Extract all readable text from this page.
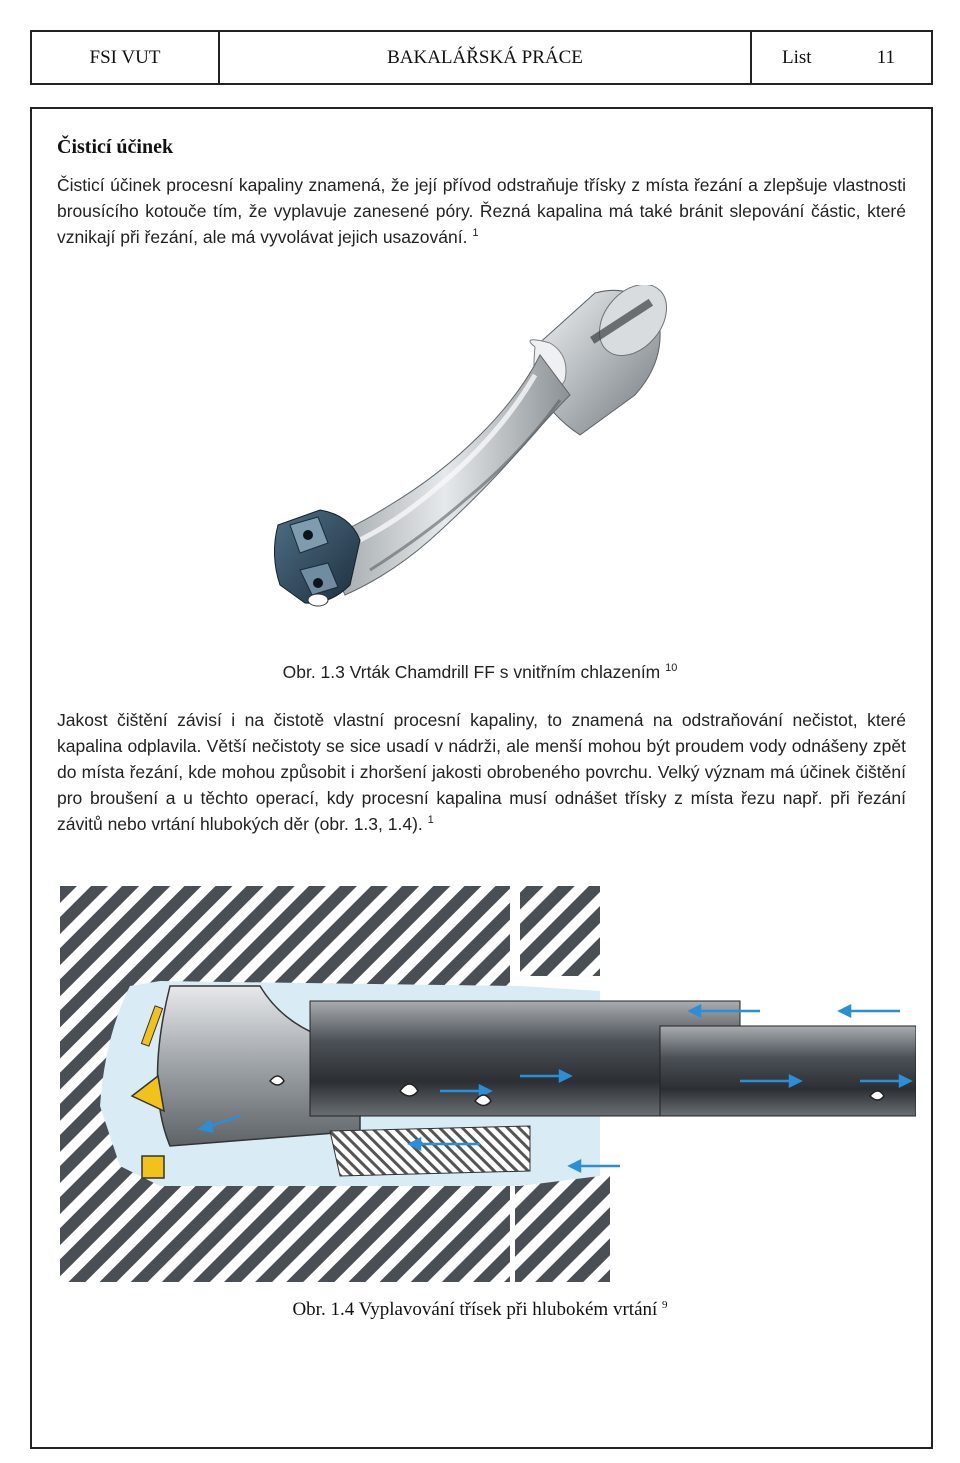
FSI VUT	BAKALÁŘSKÁ PRÁCE	List	11
Čisticí účinek

Čisticí účinek procesní kapaliny znamená, že její přívod odstraňuje třísky z místa řezání a zlepšuje vlastnosti brousícího kotouče tím, že vyplavuje zanesené póry. Řezná kapalina má také bránit slepování částic, které vznikají při řezání, ale má vyvolávat jejich usazování. $^1$

Obr. 1.3 Vrták Chamdrill FF s vnitřním chlazením $^{10}$

Jakost čištění závisí i na čistotě vlastní procesní kapaliny, to znamená na odstraňování nečistot, které kapalina odplavila. Větší nečistoty se sice usadí v nádrži, ale menší mohou být proudem vody odnášeny zpět do místa řezání, kde mohou způsobit i zhoršení jakosti obrobeného povrchu. Velký význam má účinek čištění pro broušení a u těchto operací, kdy procesní kapalina musí odnášet třísky z místa řezu např. při řezání závitů nebo vrtání hlubokých děr (obr. 1.3, 1.4). $^1$

Obr. 1.4 Vyplavování třísek při hlubokém vrtání $^9$
